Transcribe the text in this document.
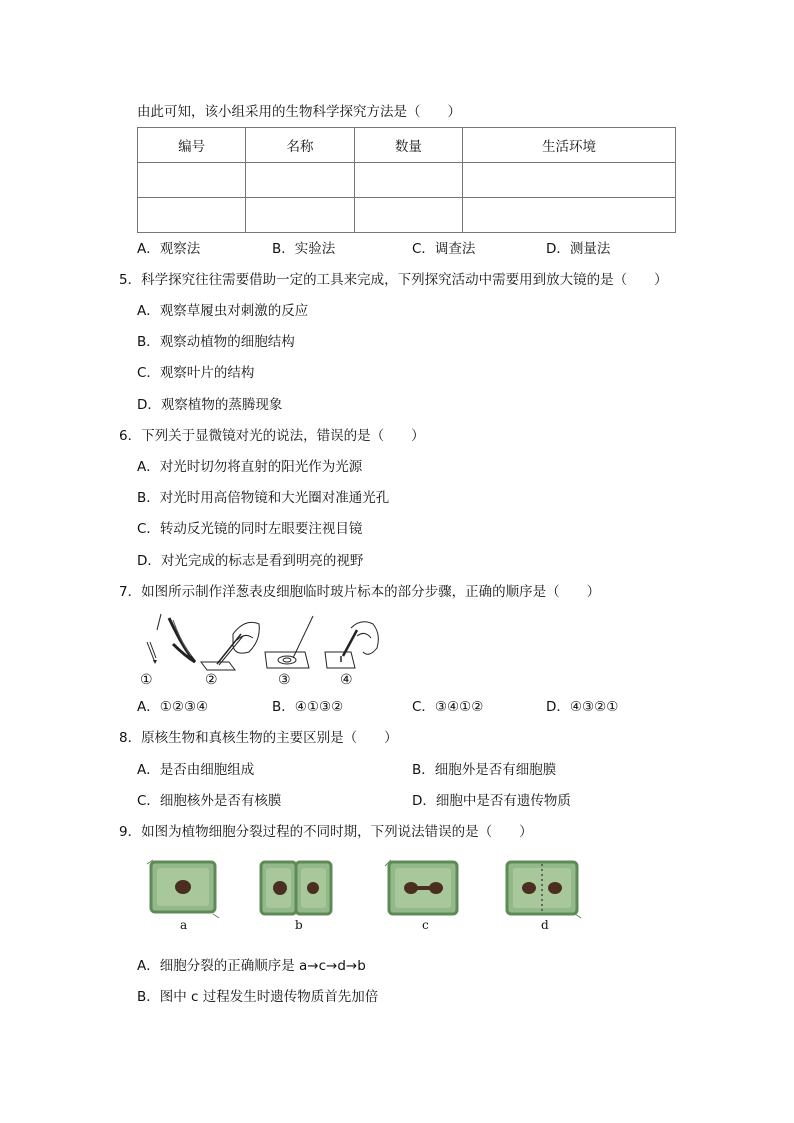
由此可知，该小组采用的生物科学探究方法是（　　）
编号	名称	数量	生活环境

A．观察法	B．实验法	C．调查法	D．测量法
5．科学探究往往需要借助一定的工具来完成，下列探究活动中需要用到放大镜的是（　　）
A．观察草履虫对刺激的反应
B．观察动植物的细胞结构
C．观察叶片的结构
D．观察植物的蒸腾现象
6．下列关于显微镜对光的说法，错误的是（　　）
A．对光时切勿将直射的阳光作为光源
B．对光时用高倍物镜和大光圈对准通光孔
C．转动反光镜的同时左眼要注视目镜
D．对光完成的标志是看到明亮的视野
7．如图所示制作洋葱表皮细胞临时玻片标本的部分步骤，正确的顺序是（　　）
①	②	③	④
A．①②③④	B．④①③②	C．③④①②	D．④③②①
8．原核生物和真核生物的主要区别是（　　）
A．是否由细胞组成	B．细胞外是否有细胞膜
C．细胞核外是否有核膜	D．细胞中是否有遗传物质
9．如图为植物细胞分裂过程的不同时期，下列说法错误的是（　　）
a	b	c	d
A．细胞分裂的正确顺序是 a→c→d→b
B．图中 c 过程发生时遗传物质首先加倍
